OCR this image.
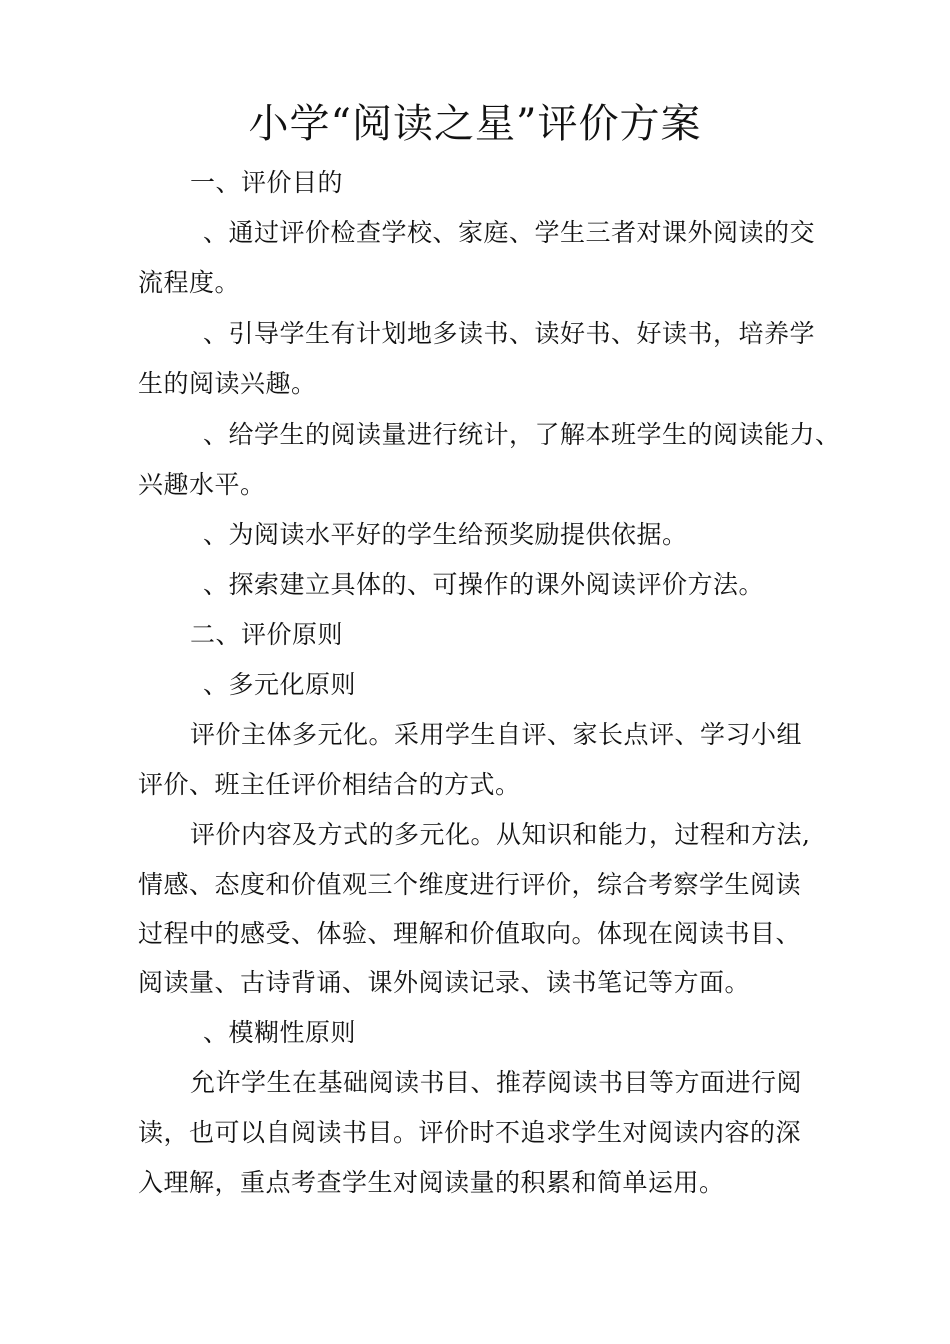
小学“阅读之星”评价方案
一、评价目的
、通过评价检查学校、家庭、学生三者对课外阅读的交
流程度。
、引导学生有计划地多读书、读好书、好读书，培养学
生的阅读兴趣。
、给学生的阅读量进行统计，了解本班学生的阅读能力、
兴趣水平。
、为阅读水平好的学生给预奖励提供依据。
、探索建立具体的、可操作的课外阅读评价方法。
二、评价原则
、多元化原则
评价主体多元化。采用学生自评、家长点评、学习小组
评价、班主任评价相结合的方式。
评价内容及方式的多元化。从知识和能力，过程和方法,
情感、态度和价值观三个维度进行评价，综合考察学生阅读
过程中的感受、体验、理解和价值取向。体现在阅读书目、
阅读量、古诗背诵、课外阅读记录、读书笔记等方面。
、模糊性原则
允许学生在基础阅读书目、推荐阅读书目等方面进行阅
读，也可以自阅读书目。评价时不追求学生对阅读内容的深
入理解，重点考查学生对阅读量的积累和简单运用。
